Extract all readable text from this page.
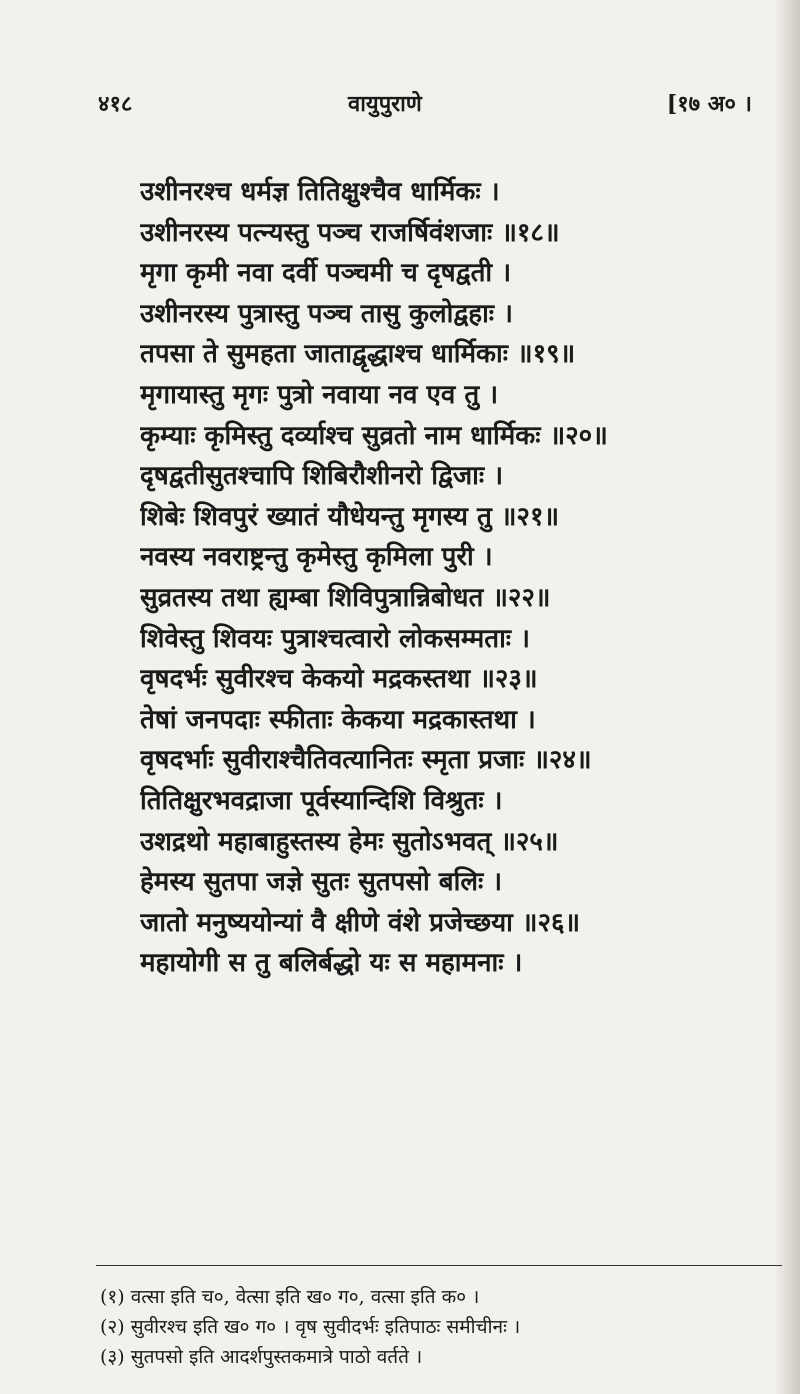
४१८	वायुपुराणे	[१७ अ० ।
उशीनरश्च धर्मज्ञ तितिक्षुश्चैव धार्मिकः ।
उशीनरस्य पत्न्यस्तु पञ्च राजर्षिवंशजाः ॥१८॥
मृगा कृमी नवा दर्वी पञ्चमी च दृषद्वती ।
उशीनरस्य पुत्रास्तु पञ्च तासु कुलोद्वहाः ।
तपसा ते सुमहता जाताद्वृद्धाश्च धार्मिकाः ॥१९॥
मृगायास्तु मृगः पुत्रो नवाया नव एव तु ।
कृम्याः कृमिस्तु दर्व्याश्च सुव्रतो नाम धार्मिकः ॥२०॥
दृषद्वतीसुतश्चापि शिबिरौशीनरो द्विजाः ।
शिबेः शिवपुरं ख्यातं यौधेयन्तु मृगस्य तु ॥२१॥
नवस्य नवराष्ट्रन्तु कृमेस्तु कृमिला पुरी ।
सुव्रतस्य तथा ह्यम्बा शिविपुत्रान्निबोधत ॥२२॥
शिवेस्तु शिवयः पुत्राश्चत्वारो लोकसम्मताः ।
वृषदर्भः सुवीरश्च केकयो मद्रकस्तथा ॥२३॥
तेषां जनपदाः स्फीताः केकया मद्रकास्तथा ।
वृषदर्भाः सुवीराश्चैतिवत्यानितः स्मृता प्रजाः ॥२४॥
तितिक्षुरभवद्राजा पूर्वस्यान्दिशि विश्रुतः ।
उशद्रथो महाबाहुस्तस्य हेमः सुतोऽभवत् ॥२५॥
हेमस्य सुतपा जज्ञे सुतः सुतपसो बलिः ।
जातो मनुष्ययोन्यां वै क्षीणे वंशे प्रजेच्छया ॥२६॥
महायोगी स तु बलिर्बद्धो यः स महामनाः ।
(१) वत्सा इति च०, वेत्सा इति ख० ग०, वत्सा इति क० ।
(२) सुवीरश्च इति ख० ग० । वृष सुवीदर्भः इतिपाठः समीचीनः ।
(३) सुतपसो इति आदर्शपुस्तकमात्रे पाठो वर्तते ।
